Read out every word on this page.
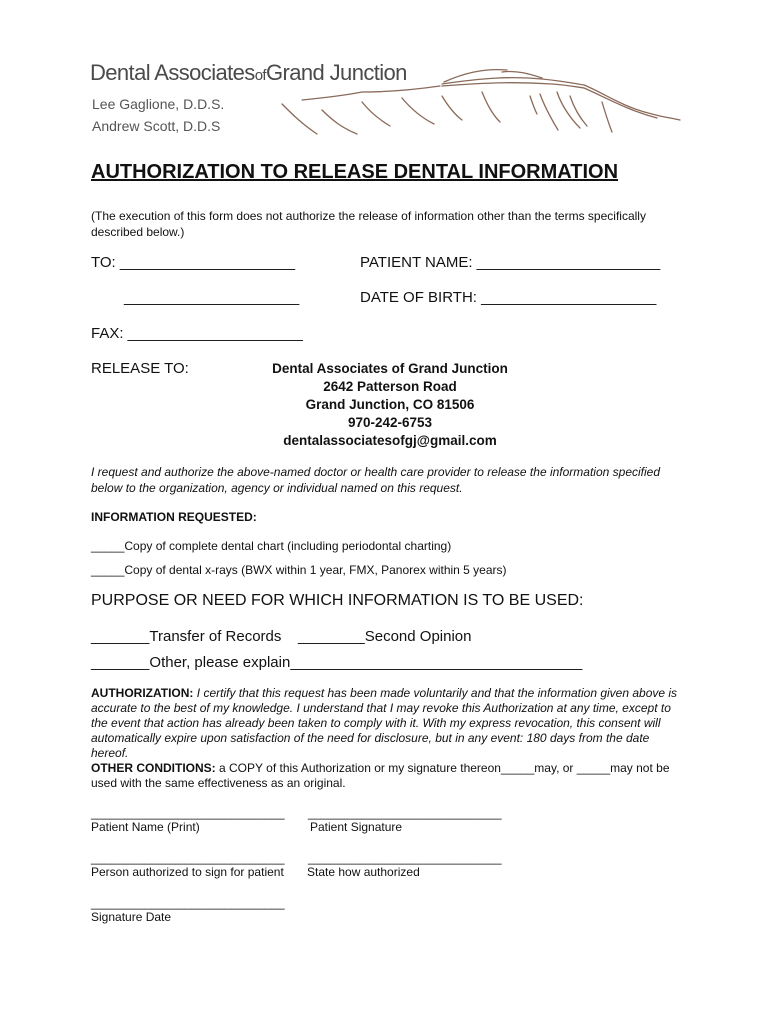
Dental AssociatesofGrand Junction
Lee Gaglione, D.D.S.
Andrew Scott, D.D.S
AUTHORIZATION TO RELEASE DENTAL INFORMATION
(The execution of this form does not authorize the release of information other than the terms specifically described below.)
TO: _____________________	PATIENT NAME: ______________________
_____________________	DATE OF BIRTH: _____________________
FAX: _____________________
RELEASE TO:	Dental Associates of Grand Junction
2642 Patterson Road
Grand Junction, CO 81506
970-242-6753
dentalassociatesofgj@gmail.com
I request and authorize the above-named doctor or health care provider to release the information specified below to the organization, agency or individual named on this request.
INFORMATION REQUESTED:
_____Copy of complete dental chart (including periodontal charting)
_____Copy of dental x-rays (BWX within 1 year, FMX, Panorex within 5 years)
PURPOSE OR NEED FOR WHICH INFORMATION IS TO BE USED:
_______Transfer of Records ________Second Opinion
_______Other, please explain___________________________________
AUTHORIZATION: I certify that this request has been made voluntarily and that the information given above is accurate to the best of my knowledge. I understand that I may revoke this Authorization at any time, except to the event that action has already been taken to comply with it. With my express revocation, this consent will automatically expire upon satisfaction of the need for disclosure, but in any event: 180 days from the date hereof.
OTHER CONDITIONS: a COPY of this Authorization or my signature thereon_____may, or _____may not be used with the same effectiveness as an original.
_____________________________ _____________________________
Patient Name (Print)	Patient Signature
_____________________________ _____________________________
Person authorized to sign for patient State how authorized
_____________________________
Signature Date
